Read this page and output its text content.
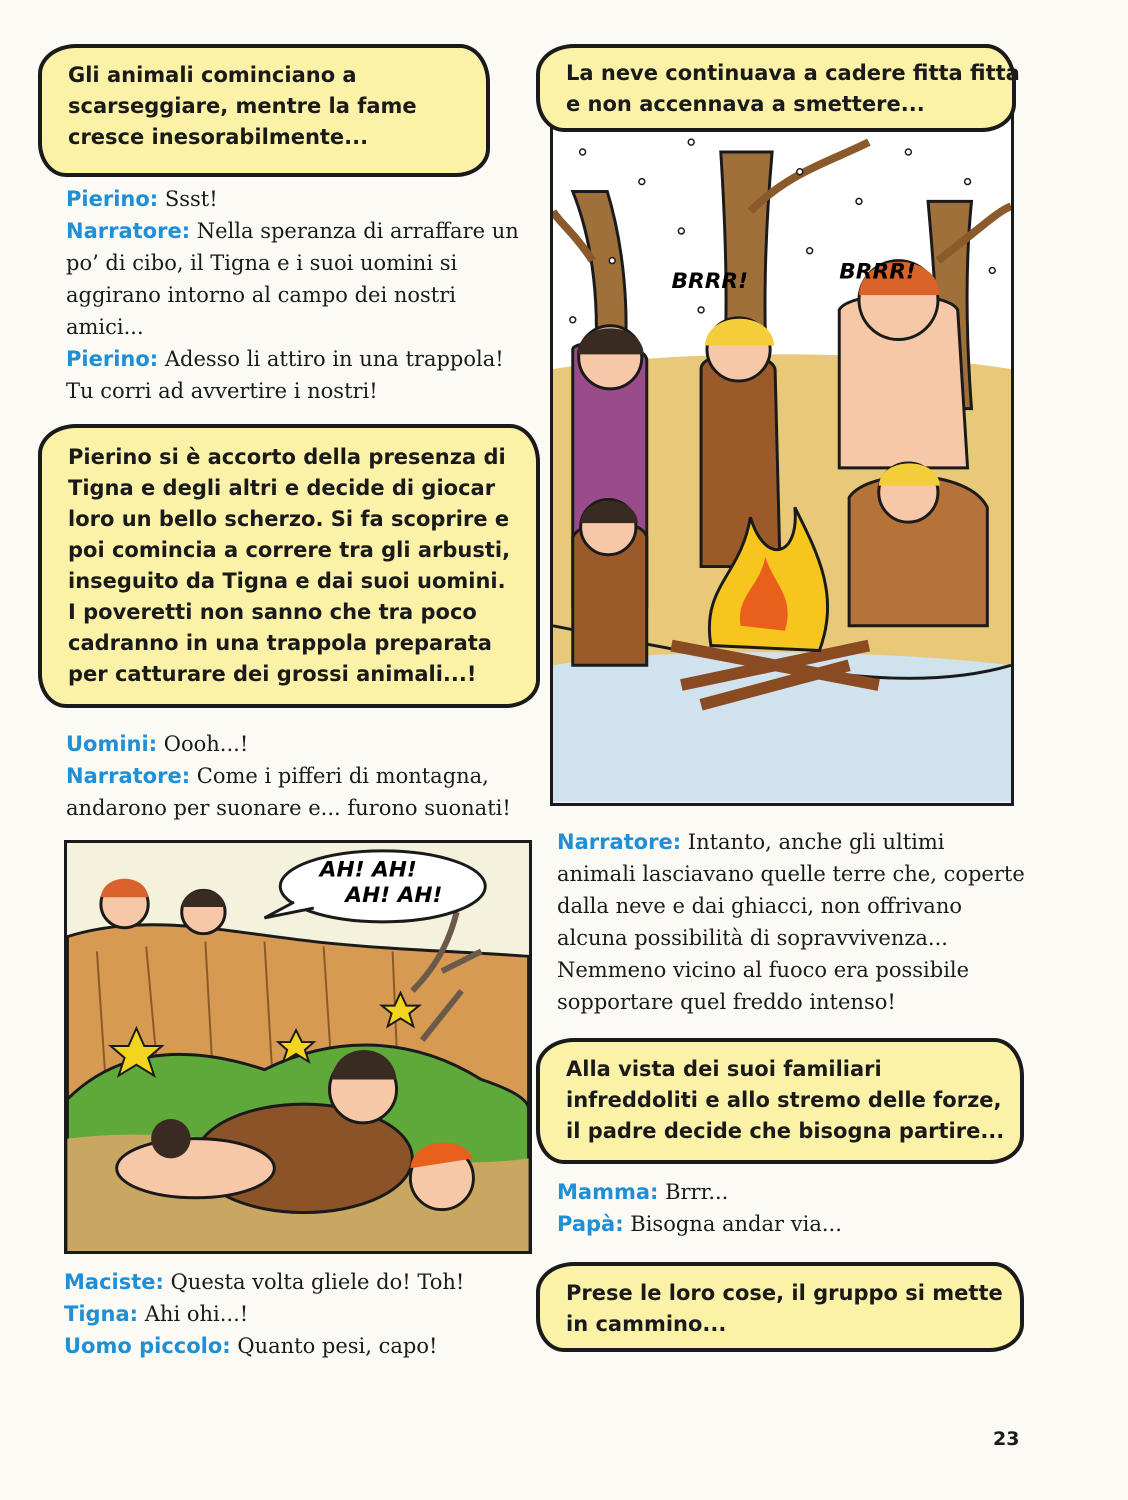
Gli animali cominciano a
scarseggiare, mentre la fame
cresce inesorabilmente...
Pierino: Ssst!
Narratore: Nella speranza di arraffare un
po’ di cibo, il Tigna e i suoi uomini si
aggirano intorno al campo dei nostri
amici...
Pierino: Adesso li attiro in una trappola!
Tu corri ad avvertire i nostri!
Pierino si è accorto della presenza di
Tigna e degli altri e decide di giocar
loro un bello scherzo. Si fa scoprire e
poi comincia a correre tra gli arbusti,
inseguito da Tigna e dai suoi uomini.
I poveretti non sanno che tra poco
cadranno in una trappola preparata
per catturare dei grossi animali...!
Uomini: Oooh...!
Narratore: Come i pifferi di montagna,
andarono per suonare e... furono suonati!
AH! AH!
AH! AH!
Maciste: Questa volta gliele do! Toh!
Tigna: Ahi ohi...!
Uomo piccolo: Quanto pesi, capo!
BRRR!	BRRR!
La neve continuava a cadere fitta fitta
e non accennava a smettere...
Narratore: Intanto, anche gli ultimi
animali lasciavano quelle terre che, coperte
dalla neve e dai ghiacci, non offrivano
alcuna possibilità di sopravvivenza...
Nemmeno vicino al fuoco era possibile
sopportare quel freddo intenso!
Alla vista dei suoi familiari
infreddoliti e allo stremo delle forze,
il padre decide che bisogna partire...
Mamma: Brrr...
Papà: Bisogna andar via...
Prese le loro cose, il gruppo si mette
in cammino...
23
